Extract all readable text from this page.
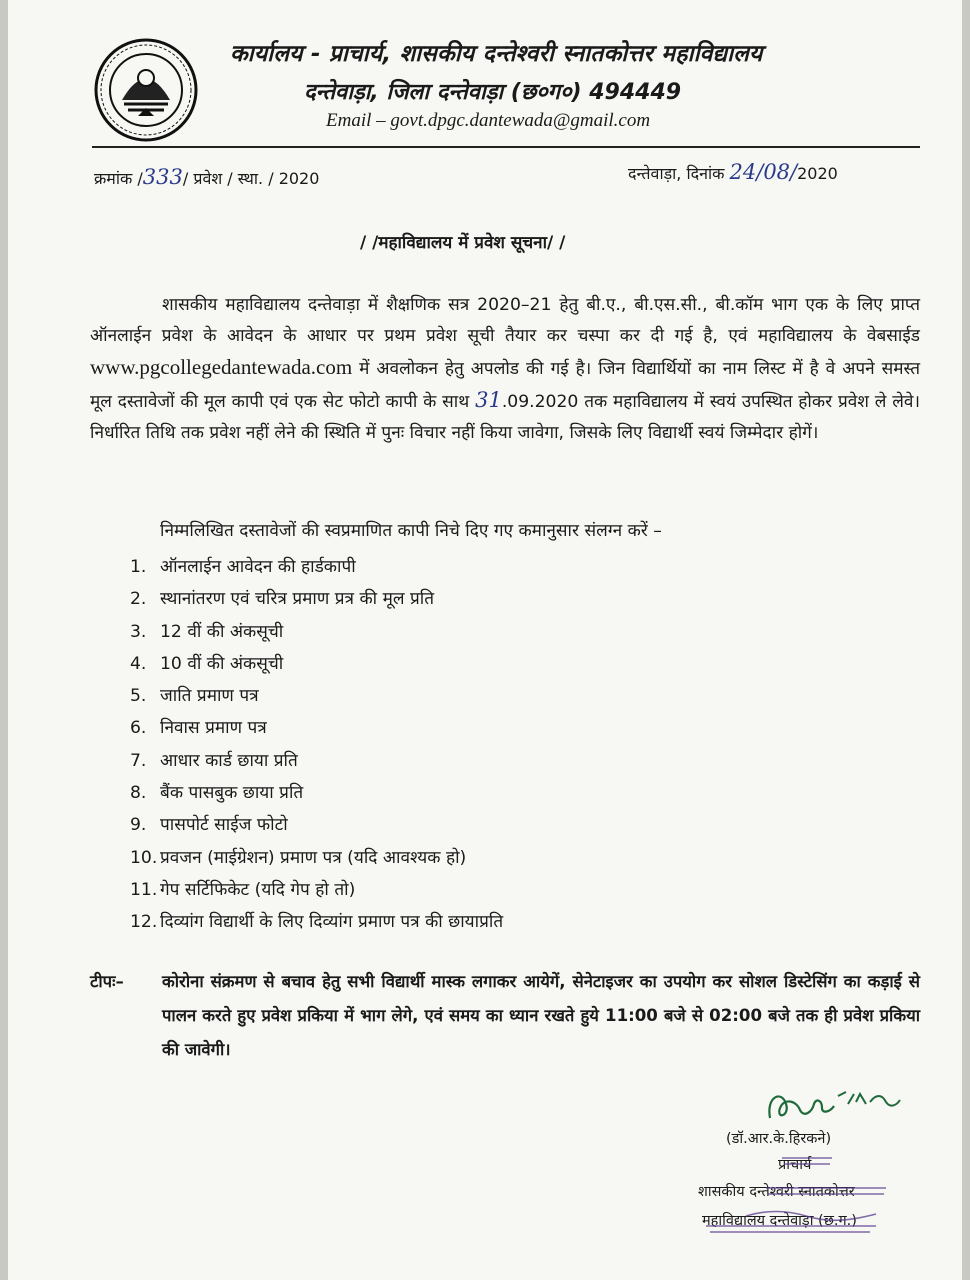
कार्यालय - प्राचार्य, शासकीय दन्तेश्वरी स्नातकोत्तर महाविद्यालय
दन्तेवाड़ा, जिला दन्तेवाड़ा (छ०ग०) 494449
Email – govt.dpgc.dantewada@gmail.com
क्रमांक /333/ प्रवेश / स्था. / 2020	दन्तेवाड़ा, दिनांक 24/08/2020
/ /महाविद्यालय में प्रवेश सूचना/ /
शासकीय महाविद्यालय दन्तेवाड़ा में शैक्षणिक सत्र 2020–21 हेतु बी.ए., बी.एस.सी., बी.कॉम भाग एक के लिए प्राप्त ऑनलाईन प्रवेश के आवेदन के आधार पर प्रथम प्रवेश सूची तैयार कर चस्पा कर दी गई है, एवं महाविद्यालय के वेबसाईड www.pgcollegedantewada.com में अवलोकन हेतु अपलोड की गई है। जिन विद्यार्थियों का नाम लिस्ट में है वे अपने समस्त मूल दस्तावेजों की मूल कापी एवं एक सेट फोटो कापी के साथ 31.09.2020 तक महाविद्यालय में स्वयं उपस्थित होकर प्रवेश ले लेवे। निर्धारित तिथि तक प्रवेश नहीं लेने की स्थिति में पुनः विचार नहीं किया जावेगा, जिसके लिए विद्यार्थी स्वयं जिम्मेदार होगें।
निम्मलिखित दस्तावेजों की स्वप्रमाणित कापी निचे दिए गए कमानुसार संलग्न करें –
1. ऑनलाईन आवेदन की हार्डकापी
2. स्थानांतरण एवं चरित्र प्रमाण प्रत्र की मूल प्रति
3. 12 वीं की अंकसूची
4. 10 वीं की अंकसूची
5. जाति प्रमाण पत्र
6. निवास प्रमाण पत्र
7. आधार कार्ड छाया प्रति
8. बैंक पासबुक छाया प्रति
9. पासपोर्ट साईज फोटो
10. प्रवजन (माईग्रेशन) प्रमाण पत्र (यदि आवश्यक हो)
11. गेप सर्टिफिकेट (यदि गेप हो तो)
12. दिव्यांग विद्यार्थी के लिए दिव्यांग प्रमाण पत्र की छायाप्रति
टीपः– कोरोना संक्रमण से बचाव हेतु सभी विद्यार्थी मास्क लगाकर आयेगें, सेनेटाइजर का उपयोग कर सोशल डिस्टेसिंग का कड़ाई से पालन करते हुए प्रवेश प्रकिया में भाग लेगे, एवं समय का ध्यान रखते हुये 11:00 बजे से 02:00 बजे तक ही प्रवेश प्रकिया की जावेगी।
(डॉ.आर.के.हिरकने)
प्राचार्य
शासकीय दन्तेश्वरी स्नातकोत्तर
महाविद्यालय दन्तेवाड़ा (छ.ग.)
